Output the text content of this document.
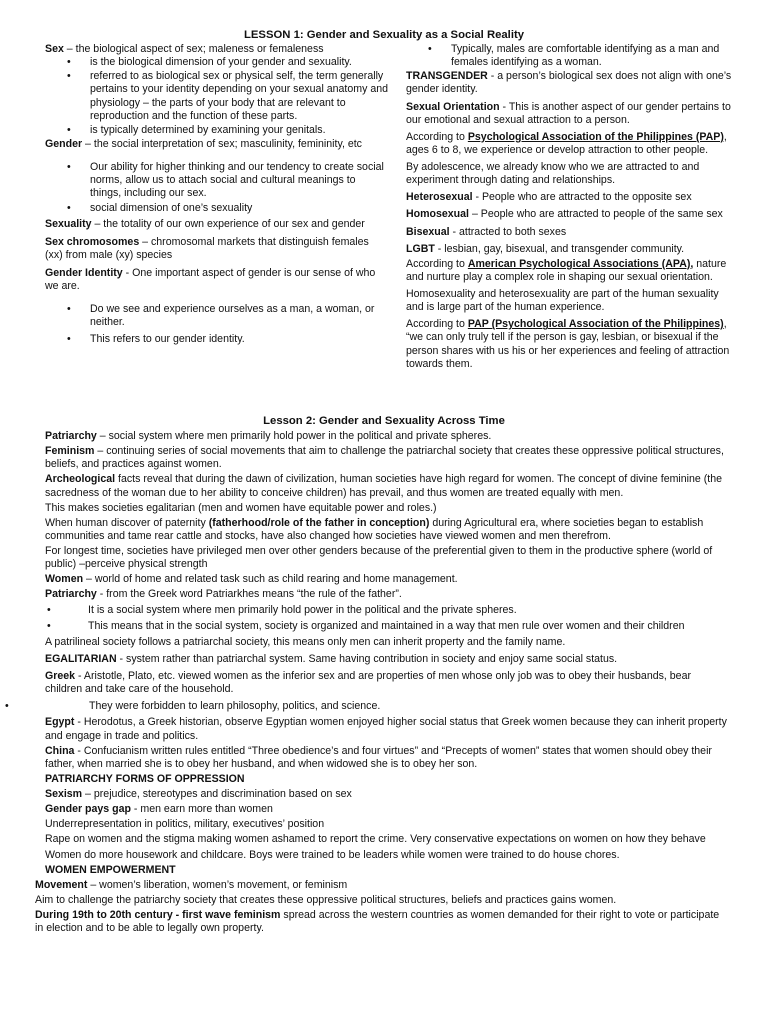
LESSON 1: Gender and Sexuality as a Social Reality

Sex – the biological aspect of sex; maleness or femaleness

• is the biological dimension of your gender and sexuality.
• referred to as biological sex or physical self, the term generally pertains to your identity depending on your sexual anatomy and physiology – the parts of your body that are relevant to reproduction and the function of these parts.

• is typically determined by examining your genitals.

Gender – the social interpretation of sex; masculinity, femininity, etc

• Our ability for higher thinking and our tendency to create social norms, allow us to attach social and cultural meanings to things, including our sex.
• social dimension of one’s sexuality

Sexuality – the totality of our own experience of our sex and gender

Sex chromosomes – chromosomal markets that distinguish females (xx) from male (xy) species

Gender Identity - One important aspect of gender is our sense of who we are.

• Do we see and experience ourselves as a man, a woman, or neither.
• This refers to our gender identity.
• Typically, males are comfortable identifying as a man and females identifying as a woman.

TRANSGENDER - a person’s biological sex does not align with one’s gender identity.

Sexual Orientation - This is another aspect of our gender pertains to our emotional and sexual attraction to a person.

According to Psychological Association of the Philippines (PAP), ages 6 to 8, we experience or develop attraction to other people.

By adolescence, we already know who we are attracted to and experiment through dating and relationships.

Heterosexual - People who are attracted to the opposite sex

Homosexual – People who are attracted to people of the same sex

Bisexual - attracted to both sexes

LGBT - lesbian, gay, bisexual, and transgender community.

According to American Psychological Associations (APA), nature and nurture play a complex role in shaping our sexual orientation.

Homosexuality and heterosexuality are part of the human sexuality and is large part of the human experience.

According to PAP (Psychological Association of the Philippines), “we can only truly tell if the person is gay, lesbian, or bisexual if the person shares with us his or her experiences and feeling of attraction towards them.

Lesson 2: Gender and Sexuality Across Time

Patriarchy – social system where men primarily hold power in the political and private spheres.

Feminism – continuing series of social movements that aim to challenge the patriarchal society that creates these oppressive political structures, beliefs, and practices against women.

Archeological facts reveal that during the dawn of civilization, human societies have high regard for women. The concept of divine feminine (the sacredness of the woman due to her ability to conceive children) has prevail, and thus women are treated equally with men.

This makes societies egalitarian (men and women have equitable power and roles.)

When human discover of paternity (fatherhood/role of the father in conception) during Agricultural era, where societies began to establish communities and tame rear cattle and stocks, have also changed how societies have viewed women and men therefrom.

For longest time, societies have privileged men over other genders because of the preferential given to them in the productive sphere (world of public) –perceive physical strength

Women – world of home and related task such as child rearing and home management.

Patriarchy - from the Greek word Patriarkhes means “the rule of the father”.

• It is a social system where men primarily hold power in the political and the private spheres.
• This means that in the social system, society is organized and maintained in a way that men rule over women and their children

A patrilineal society follows a patriarchal society, this means only men can inherit property and the family name.

EGALITARIAN - system rather than patriarchal system. Same having contribution in society and enjoy same social status.

Greek - Aristotle, Plato, etc. viewed women as the inferior sex and are properties of men whose only job was to obey their husbands, bear children and take care of the household.

• They were forbidden to learn philosophy, politics, and science.

Egypt - Herodotus, a Greek historian, observe Egyptian women enjoyed higher social status that Greek women because they can inherit property and engage in trade and politics.

China - Confucianism written rules entitled “Three obedience’s and four virtues” and “Precepts of women” states that women should obey their father, when married she is to obey her husband, and when widowed she is to obey her son.

PATRIARCHY FORMS OF OPPRESSION

Sexism – prejudice, stereotypes and discrimination based on sex

Gender pays gap - men earn more than women

Underrepresentation in politics, military, executives’ position

Rape on women and the stigma making women ashamed to report the crime. Very conservative expectations on women on how they behave

Women do more housework and childcare. Boys were trained to be leaders while women were trained to do house chores.

WOMEN EMPOWERMENT

Movement – women’s liberation, women’s movement, or feminism

Aim to challenge the patriarchy society that creates these oppressive political structures, beliefs and practices gains women.

During 19th to 20th century - first wave feminism spread across the western countries as women demanded for their right to vote or participate in election and to be able to legally own property.
